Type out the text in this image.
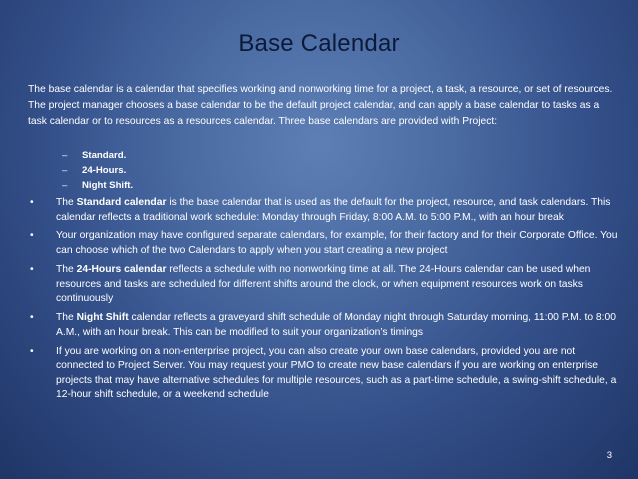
Base Calendar

The base calendar is a calendar that specifies working and nonworking time for a project, a task, a resource, or set of resources. The project manager chooses a base calendar to be the default project calendar, and can apply a base calendar to tasks as a task calendar or to resources as a resources calendar. Three base calendars are provided with Project:

– Standard.
– 24-Hours.
– Night Shift.
• The Standard calendar is the base calendar that is used as the default for the project, resource, and task calendars. This calendar reflects a traditional work schedule: Monday through Friday, 8:00 A.M. to 5:00 P.M., with an hour break
• Your organization may have configured separate calendars, for example, for their factory and for their Corporate Office. You can choose which of the two Calendars to apply when you start creating a new project
• The 24-Hours calendar reflects a schedule with no nonworking time at all. The 24-Hours calendar can be used when resources and tasks are scheduled for different shifts around the clock, or when equipment resources work on tasks continuously
• The Night Shift calendar reflects a graveyard shift schedule of Monday night through Saturday morning, 11:00 P.M. to 8:00 A.M., with an hour break. This can be modified to suit your organization’s timings
• If you are working on a non-enterprise project, you can also create your own base calendars, provided you are not connected to Project Server. You may request your PMO to create new base calendars if you are working on enterprise projects that may have alternative schedules for multiple resources, such as a part-time schedule, a swing-shift schedule, a 12-hour shift schedule, or a weekend schedule
3
